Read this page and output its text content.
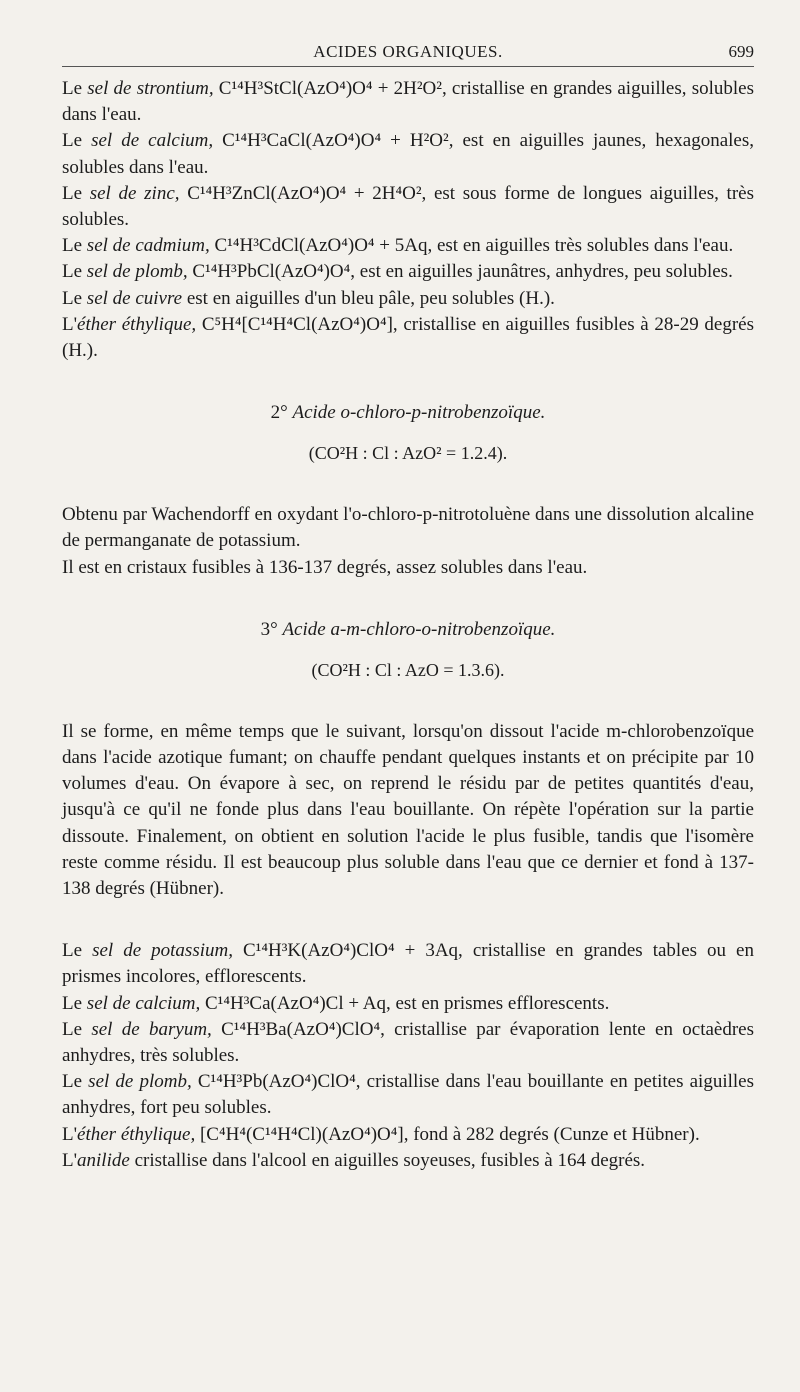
ACIDES ORGANIQUES.	699

Le sel de strontium, C¹⁴H³StCl(AzO⁴)O⁴ + 2H²O², cristallise en grandes aiguilles, solubles dans l'eau.

Le sel de calcium, C¹⁴H³CaCl(AzO⁴)O⁴ + H²O², est en aiguilles jaunes, hexagonales, solubles dans l'eau.

Le sel de zinc, C¹⁴H³ZnCl(AzO⁴)O⁴ + 2H⁴O², est sous forme de longues aiguilles, très solubles.

Le sel de cadmium, C¹⁴H³CdCl(AzO⁴)O⁴ + 5Aq, est en aiguilles très solubles dans l'eau.

Le sel de plomb, C¹⁴H³PbCl(AzO⁴)O⁴, est en aiguilles jaunâtres, anhydres, peu solubles.

Le sel de cuivre est en aiguilles d'un bleu pâle, peu solubles (H.).

L'éther éthylique, C⁵H⁴[C¹⁴H⁴Cl(AzO⁴)O⁴], cristallise en aiguilles fusibles à 28-29 degrés (H.).

2° Acide o-chloro-p-nitrobenzoïque.

(CO²H : Cl : AzO² = 1.2.4).

Obtenu par Wachendorff en oxydant l'o-chloro-p-nitrotoluène dans une dissolution alcaline de permanganate de potassium.

Il est en cristaux fusibles à 136-137 degrés, assez solubles dans l'eau.

3° Acide a-m-chloro-o-nitrobenzoïque.

(CO²H : Cl : AzO = 1.3.6).

Il se forme, en même temps que le suivant, lorsqu'on dissout l'acide m-chlorobenzoïque dans l'acide azotique fumant; on chauffe pendant quelques instants et on précipite par 10 volumes d'eau. On évapore à sec, on reprend le résidu par de petites quantités d'eau, jusqu'à ce qu'il ne fonde plus dans l'eau bouillante. On répète l'opération sur la partie dissoute. Finalement, on obtient en solution l'acide le plus fusible, tandis que l'isomère reste comme résidu. Il est beaucoup plus soluble dans l'eau que ce dernier et fond à 137-138 degrés (Hübner).

Le sel de potassium, C¹⁴H³K(AzO⁴)ClO⁴ + 3Aq, cristallise en grandes tables ou en prismes incolores, efflorescents.

Le sel de calcium, C¹⁴H³Ca(AzO⁴)Cl + Aq, est en prismes efflorescents.

Le sel de baryum, C¹⁴H³Ba(AzO⁴)ClO⁴, cristallise par évaporation lente en octaèdres anhydres, très solubles.

Le sel de plomb, C¹⁴H³Pb(AzO⁴)ClO⁴, cristallise dans l'eau bouillante en petites aiguilles anhydres, fort peu solubles.

L'éther éthylique, [C⁴H⁴(C¹⁴H⁴Cl)(AzO⁴)O⁴], fond à 282 degrés (Cunze et Hübner).

L'anilide cristallise dans l'alcool en aiguilles soyeuses, fusibles à 164 degrés.
